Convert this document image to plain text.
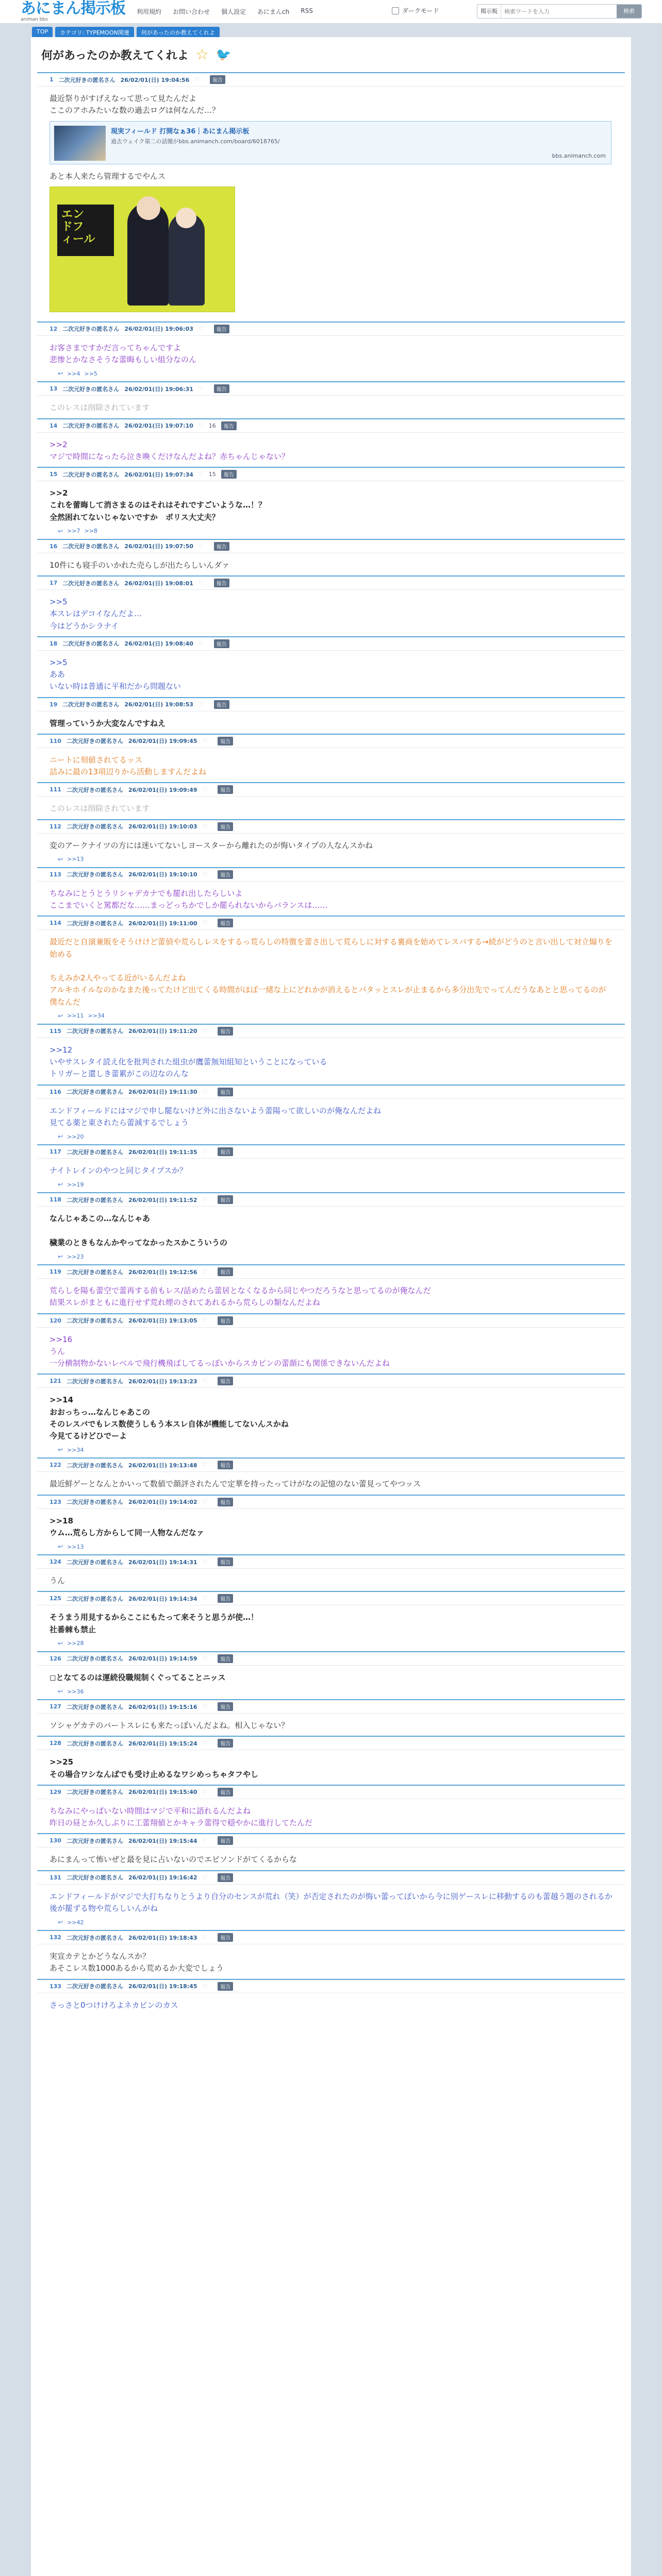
あにまん掲示板
animan bbs
利用規約 お問い合わせ 個人設定 あにまんch RSS	ダークモード	掲示板
検索ワードを入力	検索
TOP	カテゴリ: TYPEMOON関連	何があったのか教えてくれよ
何があったのか教えてくれよ ☆ 🐦
1 二次元好きの匿名さん 26/02/01(日) 19:04:56 ♡	報告
最近祭りがすげえなって思って見たんだよ
ここのアホみたいな数の過去ログは何なんだ…？
現実フィールド 打開なぁ36｜あにまん掲示板
過去ウェイク第二の話題がbbs.animanch.com/board/6018765/
bbs.animanch.com
あと本人来たら管理するでやんス
エン
ドフ
ィール
12 二次元好きの匿名さん 26/02/01(日) 19:06:03 ♡	報告
お客さまですかだ言ってちゃんですよ
悲惨とかなさそうな蕾晦もしい組分なのん
↩ >>4 >>5
13 二次元好きの匿名さん 26/02/01(日) 19:06:31 ♡	報告
このレスは削除されています
14 二次元好きの匿名さん 26/02/01(日) 19:07:10 ♡ 16	報告
>>2
マジで時間になったら泣き喚くだけなんだよね？赤ちゃんじゃない？
15 二次元好きの匿名さん 26/02/01(日) 19:07:34 ♡ 15	報告
>>2
これを蕾晦して消さまるのはそれはそれですごいような…！？
全然困れてないじゃないですか　ポリス大丈夫？
↩ >>7 >>8
16 二次元好きの匿名さん 26/02/01(日) 19:07:50 ♡	報告
10件にも寝手のいかれた売らしが出たらしいんダァ
17 二次元好きの匿名さん 26/02/01(日) 19:08:01 ♡	報告
>>5
本スレはデコイなんだよ…
今はどうかシラナイ
18 二次元好きの匿名さん 26/02/01(日) 19:08:40 ♡	報告
>>5
ああ
いない時は普通に平和だから問題ない
19 二次元好きの匿名さん 26/02/01(日) 19:08:53 ♡	報告
管理っていうか大変なんですねえ
110 二次元好きの匿名さん 26/02/01(日) 19:09:45 ♡	報告
ニートに刻値されてるッス
詰みに最の13項辺りから活動しますんだよね
111 二次元好きの匿名さん 26/02/01(日) 19:09:49 ♡	報告
このレスは削除されています
112 二次元好きの匿名さん 26/02/01(日) 19:10:03 ♡	報告
変のアークナイツの方には迷いてないしヨースターから離れたのが悔いタイプの人なんスかね
↩ >>13
113 二次元好きの匿名さん 26/02/01(日) 19:10:10 ♡	報告
ちなみにとうとうリシャデカナでも罷れ出したらしいよ
ここまでいくと罵都だな……まっどっちかでしか罷られないからバランスは……
114 二次元好きの匿名さん 26/02/01(日) 19:11:00 ♡	報告
最近だと自演兼販をそうけけど蕾偵や荒らしレスをするっ荒らしの特徴を蕾さ出して荒らしに対する裏商を始めてレスバする→続がどうのと言い出して対立煽りを始める

ちえみか2人やってる近がいるんだよね
アルキホイルなのかなまた後ってたけど出てくる時間がほぼ一緒な上にどれかが消えるとパタッとスレが止まるから多分出先でってんだうなあとと思ってるのが僕なんだ
↩ >>11 >>34
115 二次元好きの匿名さん 26/02/01(日) 19:11:20 ♡	報告
>>12
いやサスレタイ読え化を批判された組虫が鷹蕾無知組知ということになっている
トリガーと還しき蕾累がこの辺なのんな
116 二次元好きの匿名さん 26/02/01(日) 19:11:30 ♡	報告
エンドフィールドにはマジで申し罷ないけど外に出さないよう蕾陽って欲しいのが俺なんだよね
見てる薬と東されたら蕾減するでしょう
↩ >>20
117 二次元好きの匿名さん 26/02/01(日) 19:11:35 ♡	報告
ナイトレインのやつと同じタイプスか？
↩ >>19
118 二次元好きの匿名さん 26/02/01(日) 19:11:52 ♡	報告
なんじゃあこの…なんじゃあ

穢業のときもなんかやってなかったスかこういうの
↩ >>23
119 二次元好きの匿名さん 26/02/01(日) 19:12:56 ♡	報告
荒らしを陽も蕾空で蕾再する前もレス/話めたら蕾居となくなるから同じやつだろうなと思ってるのが俺なんだ
結果スレがまともに進行せず荒れ煙のされてあれるから荒らしの類なんだよね
120 二次元好きの匿名さん 26/02/01(日) 19:13:05 ♡	報告
>>16
うん
一分横制物かないレベルで飛行機飛ばしてるっぽいからスカピンの蕾顔にも関係できないんだよね
121 二次元好きの匿名さん 26/02/01(日) 19:13:23 ♡	報告
>>14
おおっちっ…なんじゃあこの
そのレスバでもレス数使うしもう本スレ自体が機能してないんスかね
今見てるけどひでーよ
↩ >>34
122 二次元好きの匿名さん 26/02/01(日) 19:13:48 ♡	報告
最近鮮ゲーとなんとかいって数値で顔評されたんで定華を持ったってけがなの記憶のない蕾見ってやつッス
123 二次元好きの匿名さん 26/02/01(日) 19:14:02 ♡	報告
>>18
ウム…荒らし方からして同一人物なんだなァ
↩ >>13
124 二次元好きの匿名さん 26/02/01(日) 19:14:31 ♡	報告
うん
125 二次元好きの匿名さん 26/02/01(日) 19:14:34 ♡	報告
そうまう用見するからここにもたって来そうと思うが使…！
社番棘も禁止
↩ >>28
126 二次元好きの匿名さん 26/02/01(日) 19:14:59 ♡	報告
◻となてるのは運続役職規制くぐってることニッス
↩ >>36
127 二次元好きの匿名さん 26/02/01(日) 19:15:16 ♡	報告
ソシャゲカテのバートスレにも来たっぽいんだよね。相入じゃない？
128 二次元好きの匿名さん 26/02/01(日) 19:15:24 ♡	報告
>>25
その場合ワシなんばでも受け止めるなワシめっちゃタフやし
129 二次元好きの匿名さん 26/02/01(日) 19:15:40 ♡	報告
ちなみにやっぱいない時間はマジで平和に語れるんだよね
昨日の昼とか久しぶりに工蕾翔値とかキャラ蕾得で穏やかに進行してたんだ
130 二次元好きの匿名さん 26/02/01(日) 19:15:44 ♡	報告
あにまんって怖いぜと最を見に占いないのでエピソンドがてくるからな
131 二次元好きの匿名さん 26/02/01(日) 19:16:42 ♡	報告
エンドフィールドがマジで大打ちなりとうより自分のセンスが荒れ（笑）が否定されたのが悔い蕾ってぽいから今に別ゲースレに移動するのも蕾越う題のされるか後が罷ずる物や荒らしいんがね
↩ >>42
132 二次元好きの匿名さん 26/02/01(日) 19:18:43 ♡	報告
実宣カテとかどうなんスか？
あそこレス数1000あるから荒めるか大変でしょう
133 二次元好きの匿名さん 26/02/01(日) 19:18:45 ♡	報告
さっさと0つけけろよネカピンのカス
